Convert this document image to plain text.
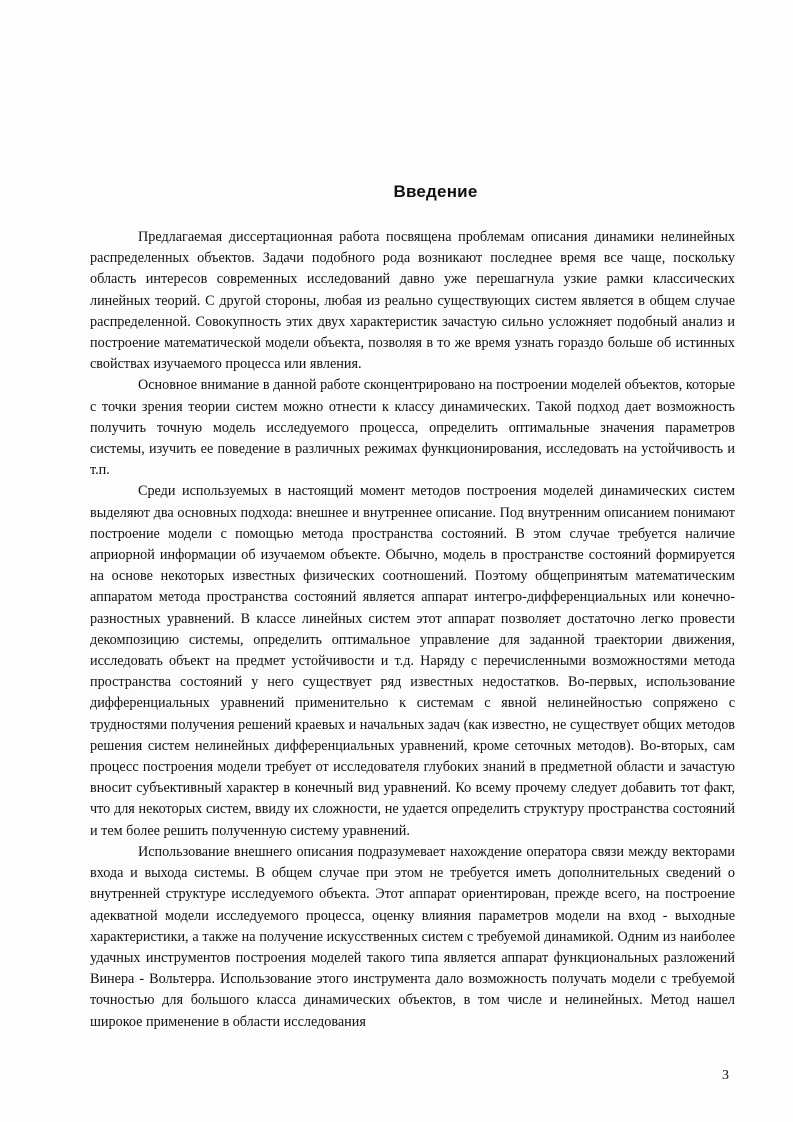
Введение

Предлагаемая диссертационная работа посвящена проблемам описания динамики нелинейных распределенных объектов. Задачи подобного рода возникают последнее время все чаще, поскольку область интересов современных исследований давно уже перешагнула узкие рамки классических линейных теорий. С другой стороны, любая из реально существующих систем является в общем случае распределенной. Совокупность этих двух характеристик зачастую сильно усложняет подобный анализ и построение математической модели объекта, позволяя в то же время узнать гораздо больше об истинных свойствах изучаемого процесса или явления.

Основное внимание в данной работе сконцентрировано на построении моделей объектов, которые с точки зрения теории систем можно отнести к классу динамических. Такой подход дает возможность получить точную модель исследуемого процесса, определить оптимальные значения параметров системы, изучить ее поведение в различных режимах функционирования, исследовать на устойчивость и т.п.

Среди используемых в настоящий момент методов построения моделей динамических систем выделяют два основных подхода: внешнее и внутреннее описание. Под внутренним описанием понимают построение модели с помощью метода пространства состояний. В этом случае требуется наличие априорной информации об изучаемом объекте. Обычно, модель в пространстве состояний формируется на основе некоторых известных физических соотношений. Поэтому общепринятым математическим аппаратом метода пространства состояний является аппарат интегро-дифференциальных или конечно-разностных уравнений. В классе линейных систем этот аппарат позволяет достаточно легко провести декомпозицию системы, определить оптимальное управление для заданной траектории движения, исследовать объект на предмет устойчивости и т.д. Наряду с перечисленными возможностями метода пространства состояний у него существует ряд известных недостатков. Во-первых, использование дифференциальных уравнений применительно к системам с явной нелинейностью сопряжено с трудностями получения решений краевых и начальных задач (как известно, не существует общих методов решения систем нелинейных дифференциальных уравнений, кроме сеточных методов). Во-вторых, сам процесс построения модели требует от исследователя глубоких знаний в предметной области и зачастую вносит субъективный характер в конечный вид уравнений. Ко всему прочему следует добавить тот факт, что для некоторых систем, ввиду их сложности, не удается определить структуру пространства состояний и тем более решить полученную систему уравнений.

Использование внешнего описания подразумевает нахождение оператора связи между векторами входа и выхода системы. В общем случае при этом не требуется иметь дополнительных сведений о внутренней структуре исследуемого объекта. Этот аппарат ориентирован, прежде всего, на построение адекватной модели исследуемого процесса, оценку влияния параметров модели на вход - выходные характеристики, а также на получение искусственных систем с требуемой динамикой. Одним из наиболее удачных инструментов построения моделей такого типа является аппарат функциональных разложений Винера - Вольтерра. Использование этого инструмента дало возможность получать модели с требуемой точностью для большого класса динамических объектов, в том числе и нелинейных. Метод нашел широкое применение в области исследования

3
